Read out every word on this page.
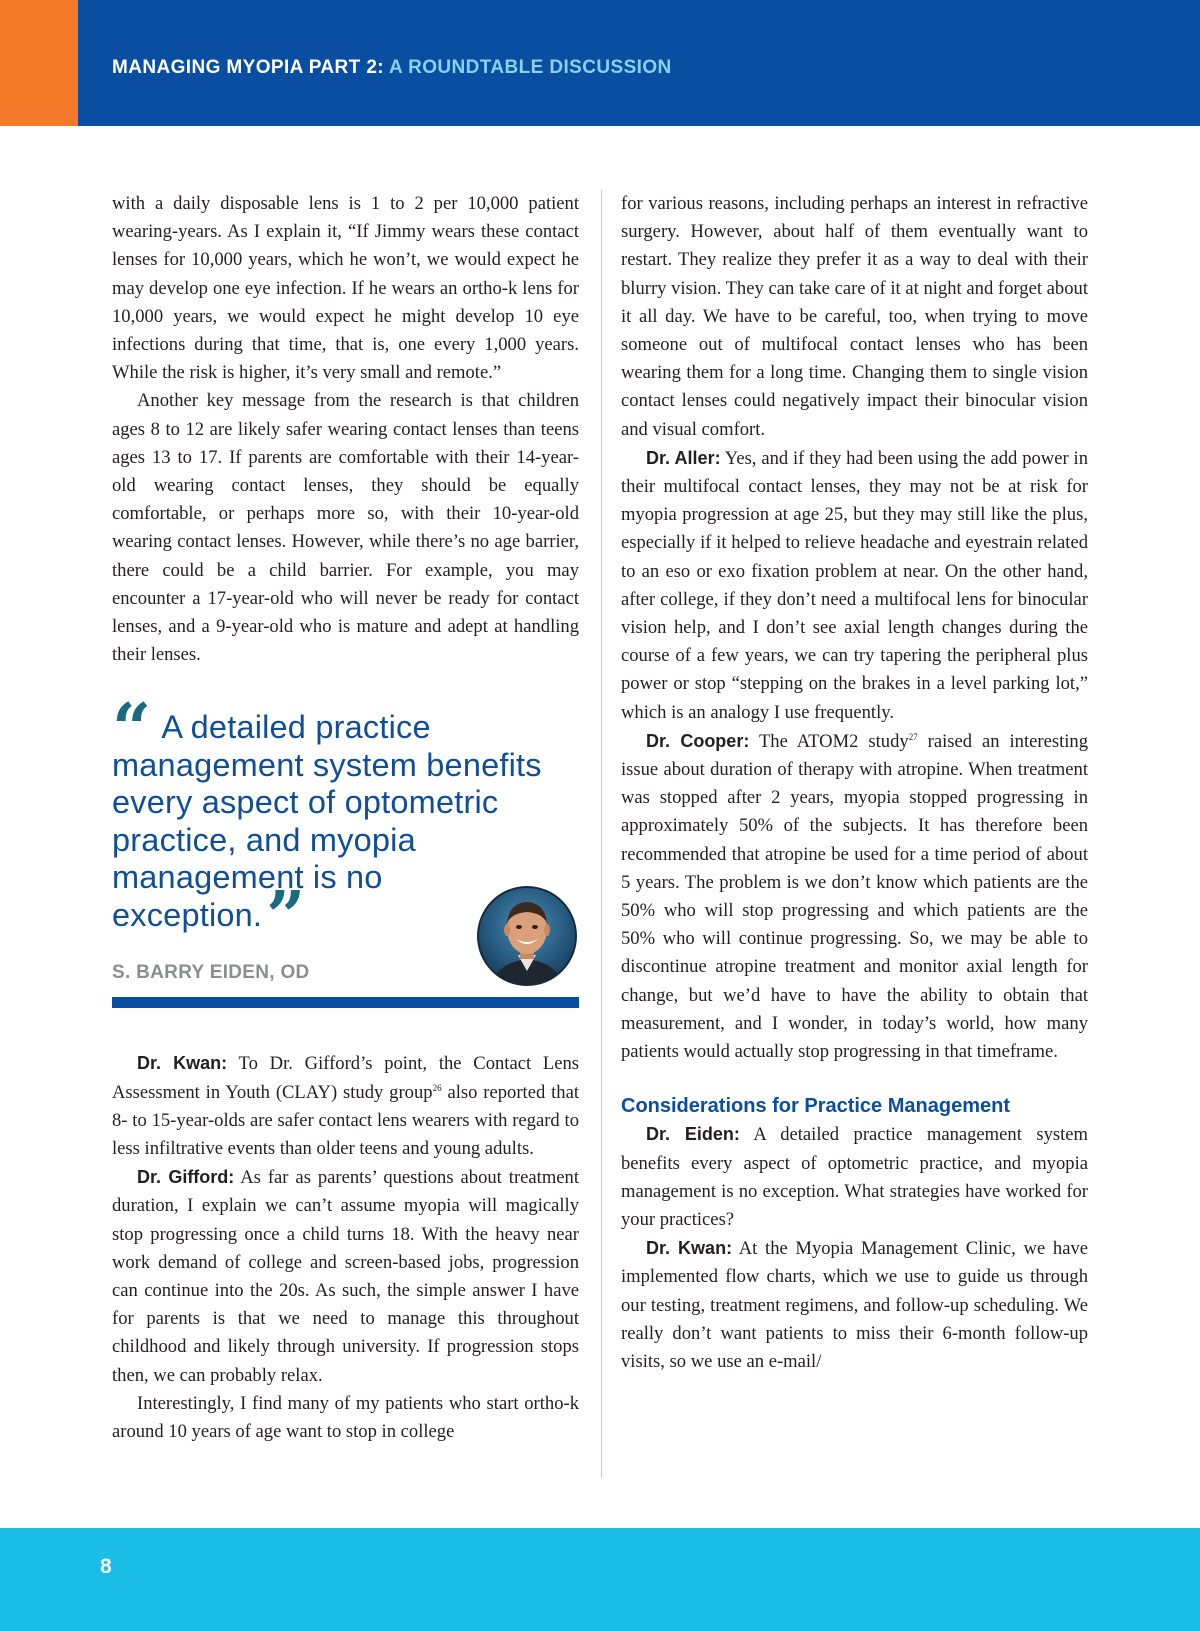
MANAGING MYOPIA PART 2: A ROUNDTABLE DISCUSSION

with a daily disposable lens is 1 to 2 per 10,000 patient wearing-years. As I explain it, “If Jimmy wears these contact lenses for 10,000 years, which he won’t, we would expect he may develop one eye infection. If he wears an ortho-k lens for 10,000 years, we would expect he might develop 10 eye infections during that time, that is, one every 1,000 years. While the risk is higher, it’s very small and remote.”

Another key message from the research is that children ages 8 to 12 are likely safer wearing contact lenses than teens ages 13 to 17. If parents are comfortable with their 14-year-old wearing contact lenses, they should be equally comfortable, or perhaps more so, with their 10-year-old wearing contact lenses. However, while there’s no age barrier, there could be a child barrier. For example, you may encounter a 17-year-old who will never be ready for contact lenses, and a 9-year-old who is mature and adept at handling their lenses.

“ A detailed practice management system benefits every aspect of optometric practice, and myopia management is no exception.”
S. BARRY EIDEN, OD

Dr. Kwan: To Dr. Gifford’s point, the Contact Lens Assessment in Youth (CLAY) study group$^{26}$ also reported that 8- to 15-year-olds are safer contact lens wearers with regard to less infiltrative events than older teens and young adults.

Dr. Gifford: As far as parents’ questions about treatment duration, I explain we can’t assume myopia will magically stop progressing once a child turns 18. With the heavy near work demand of college and screen-based jobs, progression can continue into the 20s. As such, the simple answer I have for parents is that we need to manage this throughout childhood and likely through university. If progression stops then, we can probably relax.

Interestingly, I find many of my patients who start ortho-k around 10 years of age want to stop in college

for various reasons, including perhaps an interest in refractive surgery. However, about half of them eventually want to restart. They realize they prefer it as a way to deal with their blurry vision. They can take care of it at night and forget about it all day. We have to be careful, too, when trying to move someone out of multifocal contact lenses who has been wearing them for a long time. Changing them to single vision contact lenses could negatively impact their binocular vision and visual comfort.

Dr. Aller: Yes, and if they had been using the add power in their multifocal contact lenses, they may not be at risk for myopia progression at age 25, but they may still like the plus, especially if it helped to relieve headache and eyestrain related to an eso or exo fixation problem at near. On the other hand, after college, if they don’t need a multifocal lens for binocular vision help, and I don’t see axial length changes during the course of a few years, we can try tapering the peripheral plus power or stop “stepping on the brakes in a level parking lot,” which is an analogy I use frequently.

Dr. Cooper: The ATOM2 study$^{27}$ raised an interesting issue about duration of therapy with atropine. When treatment was stopped after 2 years, myopia stopped progressing in approximately 50% of the subjects. It has therefore been recommended that atropine be used for a time period of about 5 years. The problem is we don’t know which patients are the 50% who will stop progressing and which patients are the 50% who will continue progressing. So, we may be able to discontinue atropine treatment and monitor axial length for change, but we’d have to have the ability to obtain that measurement, and I wonder, in today’s world, how many patients would actually stop progressing in that timeframe.

Considerations for Practice Management

Dr. Eiden: A detailed practice management system benefits every aspect of optometric practice, and myopia management is no exception. What strategies have worked for your practices?

Dr. Kwan: At the Myopia Management Clinic, we have implemented flow charts, which we use to guide us through our testing, treatment regimens, and follow-up scheduling. We really don’t want patients to miss their 6-month follow-up visits, so we use an e-mail/

8
